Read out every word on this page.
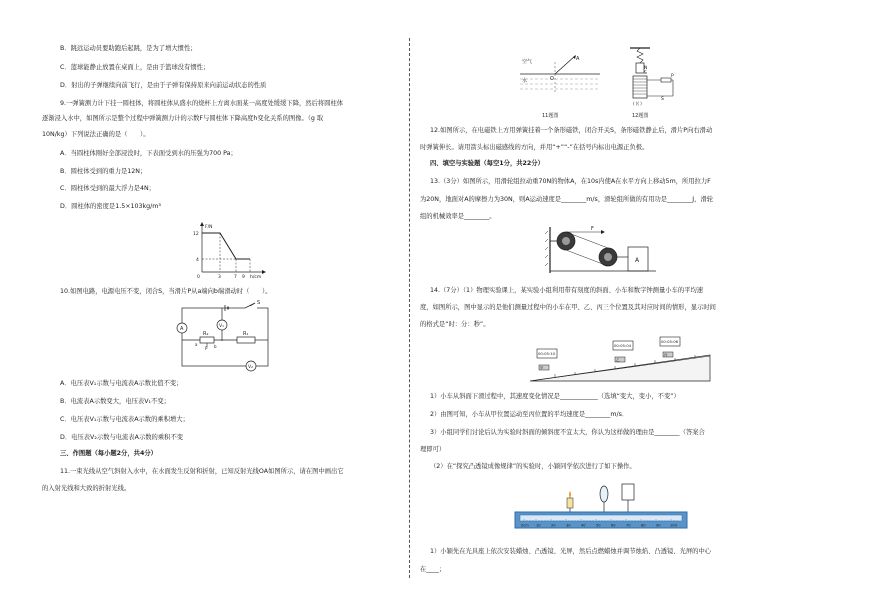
B．跳远运动员要助跑后起跳，是为了增大惯性；
C．篮球能静止放置在桌面上，是由于篮球没有惯性；
D．射出的子弹继续向前飞行，是由于子弹有保持原来向前运动状态的性质
9.一弹簧测力计下挂一圆柱体，将圆柱体从盛水的烧杯上方离水面某一高度处缓缓下降，然后将圆柱体
逐渐浸入水中，如图所示是整个过程中弹簧测力计的示数F与圆柱体下降高度h变化关系的图像。（g 取
10N/kg）下列说法正确的是（　　）。
A．当圆柱体刚好全部浸没时，下表面受到水的压强为700 Pa；
B．圆柱体受到的重力是12N；
C．圆柱体受到的最大浮力是4N；
D．圆柱体的密度是1.5×103kg/m³
F/N
h/cm
12
4
0	3	7 9
10.如图电路，电源电压不变，闭合S，当滑片P从a端向b端滑动时（　　）。
A
S
V₁
R₂
a	b
P
R₁
V₂
A．电压表V₁示数与电流表A示数比值不变；
B．电流表A示数变大，电压表V₁不变；
C．电压表V₁示数与电流表A示数的乘积增大；
D．电压表V₂示数与电流表A示数的乘积不变
三、作图题（每小题2分，共4分）
11.一束光线从空气斜射入水中，在水面发生反射和折射，已知反射光线OA如图所示，请在图中画出它
的入射光线和大致的折射光线。
空气
水	O
A
11题图
N
S
P
( )( )
S
12题图
12.如图所示，在电磁铁上方用弹簧挂着一个条形磁铁，闭合开关S，条形磁铁静止后，滑片P向右滑动
时弹簧伸长。请用箭头标出磁感线的方向，并用“+”“-”在括号内标出电源正负极。
四、填空与实验题（每空1分，共22分）
13.（3分）如图所示，用滑轮组拉动重70N的物体A，在10s内使A在水平方向上移动5m，所用拉力F
为20N，地面对A的摩擦力为30N，则A运动速度是________m/s，滑轮组所做的有用功是________J，滑轮
组的机械效率是________。
F
A
14.（7分）（1）物理实验课上，某实验小组利用带有刻度的斜面、小车和数字钟测量小车的平均速
度，如图所示，图中显示的是他们测量过程中的小车在甲、乙、丙三个位置及其对应时间的情形，显示时间
的格式是“时：分：秒”。
00:05:10
00:05:04
00:05:06
甲
乙
丙
1）小车从斜面下滑过程中，其速度变化情况是____________（选填“变大，变小，不变”）
2）由图可知，小车从甲位置运动至丙位置的平均速度是________m/s．
3）小组同学们讨论后认为实验时斜面的倾斜度不宜太大，你认为这样做的理由是________（答案合
理即可）
（2）在“探究凸透镜成像规律”的实验时，小颖同学依次进行了如下操作。
0cm 10	20	30	40	50	60	70	80	90	100
1）小颖先在光具座上依次安装蜡烛、凸透镜、光屏，然后点燃蜡烛并调节烛焰、凸透镜、光屏的中心
在____；
